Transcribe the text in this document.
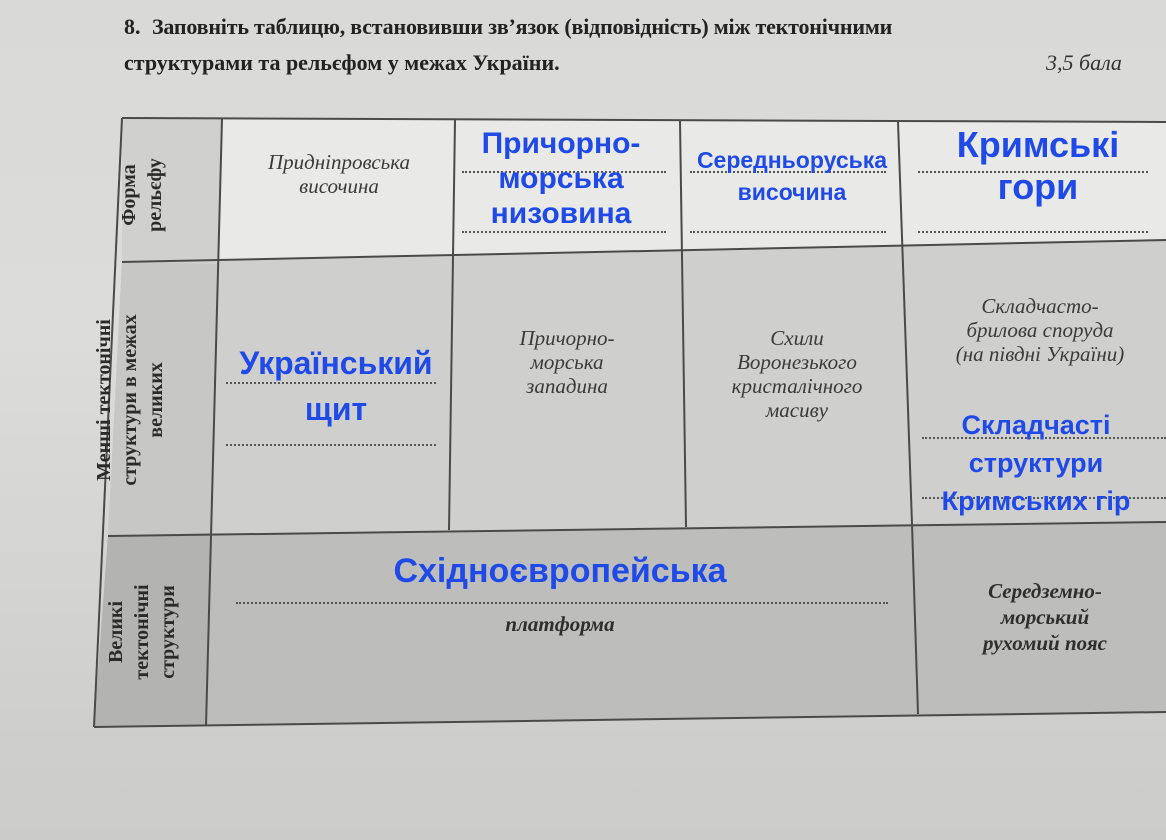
8. Заповніть таблицю, встановивши зв’язок (відповідність) між тектонічними
структурами та рельєфом у межах України.	3,5 бала
Форма рельєфу
Менші тектонічні структури в межах великих
Великі тектонічні структури
Придніпровська
височина
Причорно-
морська
низовина
Середньоруська
височина
Кримські
гори
Український
щит
Причорно-
морська
западина
Схили
Воронезького
кристалічного
масиву
Складчасто-
брилова споруда
(на півдні України)
Складчасті
структури
Кримських гір
Східноєвропейська
платформа
Середземно-
морський
рухомий пояс
